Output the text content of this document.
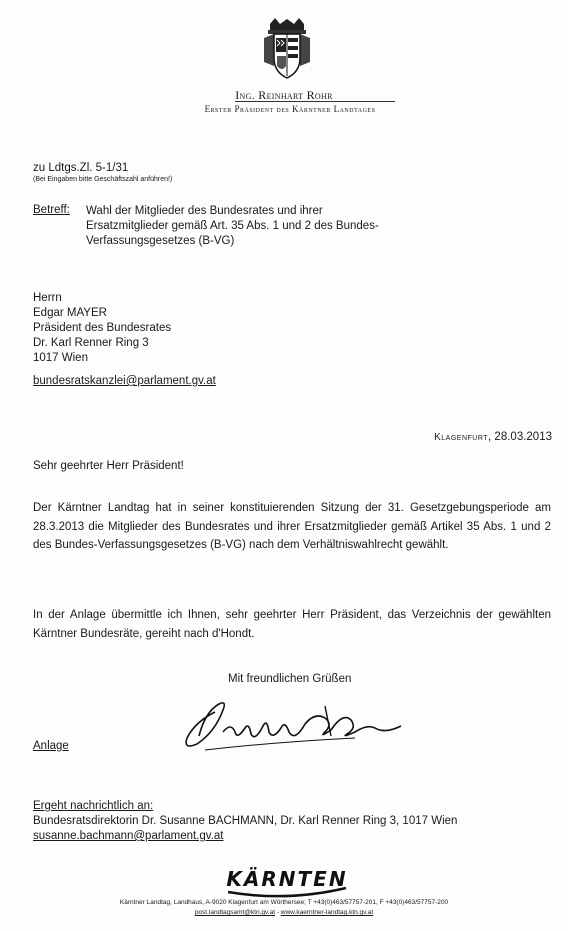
Ing. Reinhart Rohr
Erster Präsident des Kärntner Landtages
zu Ldtgs.Zl. 5-1/31
(Bei Eingaben bitte Geschäftszahl anführen!)
Betreff: Wahl der Mitglieder des Bundesrates und ihrer Ersatzmitglieder gemäß Art. 35 Abs. 1 und 2 des Bundes-Verfassungsgesetzes (B-VG)
Herrn
Edgar MAYER
Präsident des Bundesrates
Dr. Karl Renner Ring 3
1017 Wien
bundesratskanzlei@parlament.gv.at
Klagenfurt, 28.03.2013
Sehr geehrter Herr Präsident!
Der Kärntner Landtag hat in seiner konstituierenden Sitzung der 31. Gesetzgebungsperiode am 28.3.2013 die Mitglieder des Bundesrates und ihrer Ersatzmitglieder gemäß Artikel 35 Abs. 1 und 2 des Bundes-Verfassungsgesetzes (B-VG) nach dem Verhältniswahlrecht gewählt.
In der Anlage übermittle ich Ihnen, sehr geehrter Herr Präsident, das Verzeichnis der gewählten Kärntner Bundesräte, gereiht nach d'Hondt.
Mit freundlichen Grüßen
Anlage
Ergeht nachrichtlich an:
Bundesratsdirektorin Dr. Susanne BACHMANN, Dr. Karl Renner Ring 3, 1017 Wien
susanne.bachmann@parlament.gv.at
KÄRNTEN
Kärntner Landtag, Landhaus, A-9020 Klagenfurt am Wörthersee; T +43(0)463/57757-201, F +43(0)463/57757-200
post.landtagsamt@ktn.gv.at - www.kaerntner-landtag.ktn.gv.at
